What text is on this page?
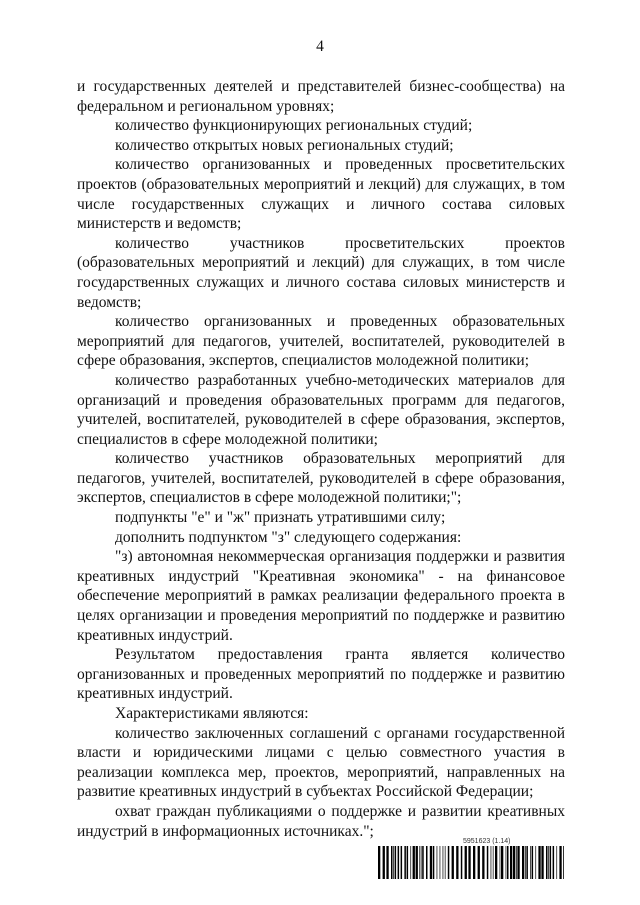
4

и государственных деятелей и представителей бизнес-сообщества) на федеральном и региональном уровнях;

количество функционирующих региональных студий;

количество открытых новых региональных студий;

количество организованных и проведенных просветительских проектов (образовательных мероприятий и лекций) для служащих, в том числе государственных служащих и личного состава силовых министерств и ведомств;

количество участников просветительских проектов (образовательных мероприятий и лекций) для служащих, в том числе государственных служащих и личного состава силовых министерств и ведомств;

количество организованных и проведенных образовательных мероприятий для педагогов, учителей, воспитателей, руководителей в сфере образования, экспертов, специалистов молодежной политики;

количество разработанных учебно-методических материалов для организаций и проведения образовательных программ для педагогов, учителей, воспитателей, руководителей в сфере образования, экспертов, специалистов в сфере молодежной политики;

количество участников образовательных мероприятий для педагогов, учителей, воспитателей, руководителей в сфере образования, экспертов, специалистов в сфере молодежной политики;";

подпункты "е" и "ж" признать утратившими силу;

дополнить подпунктом "з" следующего содержания:

"з) автономная некоммерческая организация поддержки и развития креативных индустрий "Креативная экономика" - на финансовое обеспечение мероприятий в рамках реализации федерального проекта в целях организации и проведения мероприятий по поддержке и развитию креативных индустрий.

Результатом предоставления гранта является количество организованных и проведенных мероприятий по поддержке и развитию креативных индустрий.

Характеристиками являются:

количество заключенных соглашений с органами государственной власти и юридическими лицами с целью совместного участия в реализации комплекса мер, проектов, мероприятий, направленных на развитие креативных индустрий в субъектах Российской Федерации;

охват граждан публикациями о поддержке и развитии креативных индустрий в информационных источниках.";

5951623 (1.14)
